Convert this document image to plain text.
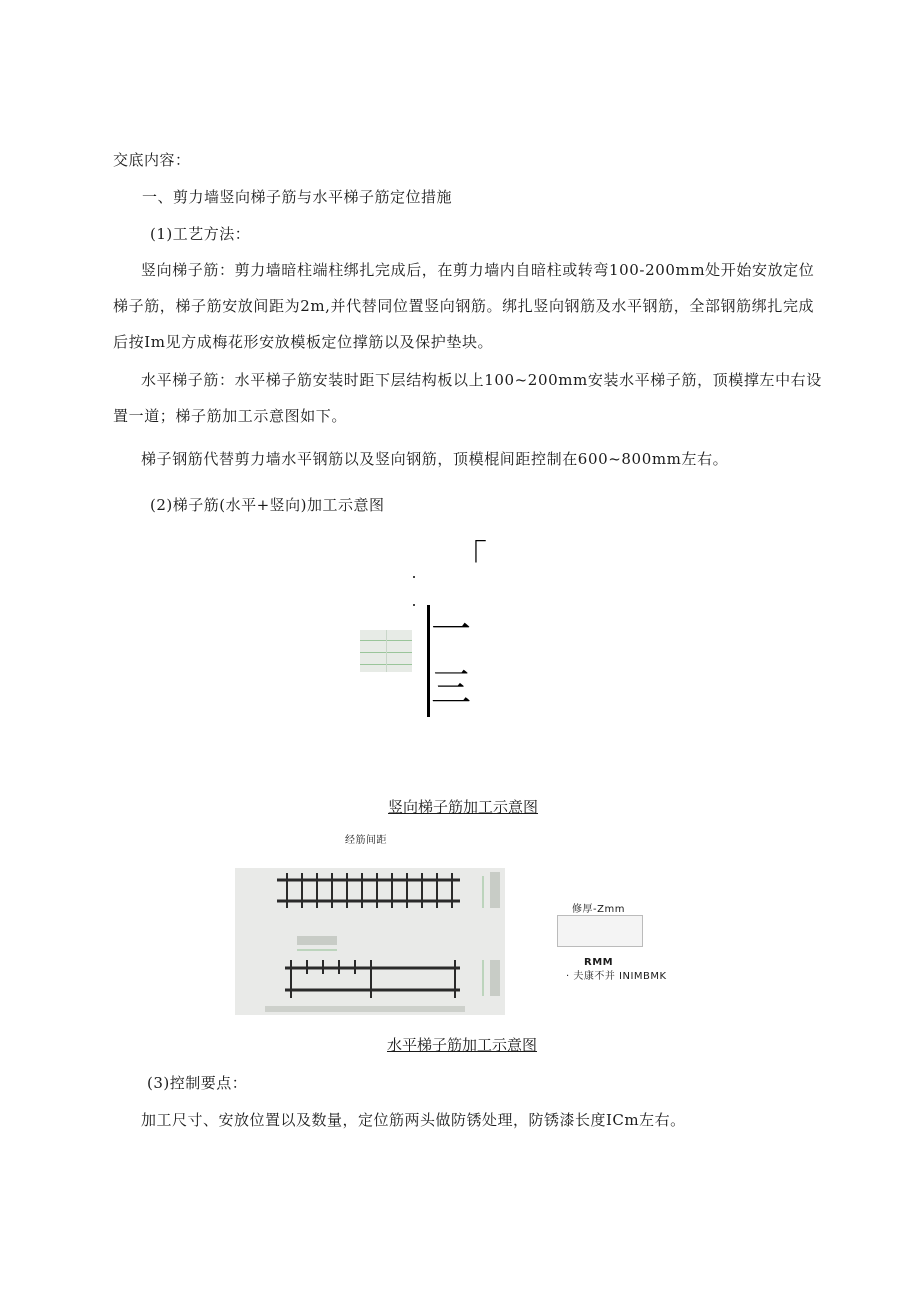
交底内容：
一、剪力墙竖向梯子筋与水平梯子筋定位措施
(1)工艺方法：

竖向梯子筋：剪力墙暗柱端柱绑扎完成后，在剪力墙内自暗柱或转弯100-200mm处开始安放定位梯子筋，梯子筋安放间距为2m,并代替同位置竖向钢筋。绑扎竖向钢筋及水平钢筋，全部钢筋绑扎完成后按Im见方成梅花形安放模板定位撑筋以及保护垫块。

水平梯子筋：水平梯子筋安装时距下层结构板以上100~200mm安装水平梯子筋，顶模撑左中右设置一道；梯子筋加工示意图如下。

梯子钢筋代替剪力墙水平钢筋以及竖向钢筋，顶模棍间距控制在600~800mm左右。

(2)梯子筋(水平+竖向)加工示意图
「
一
三
竖向梯子筋加工示意图
经筋间距
修厚-Zmm
RMM
· 夫康不并 INIMBMK
水平梯子筋加工示意图
(3)控制要点：
加工尺寸、安放位置以及数量，定位筋两头做防锈处理，防锈漆长度ICm左右。
